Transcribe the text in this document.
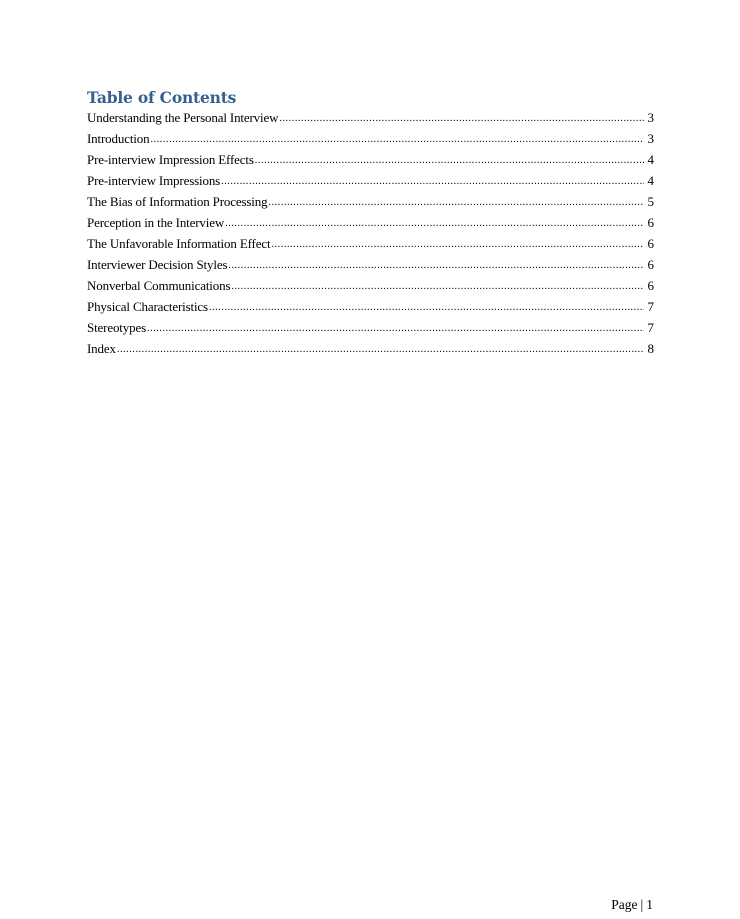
Table of Contents
Understanding the Personal Interview .....	3
Introduction .....	3
Pre-interview Impression Effects .....	4
Pre-interview Impressions .....	4
The Bias of Information Processing .....	5
Perception in the Interview .....	6
The Unfavorable Information Effect .....	6
Interviewer Decision Styles .....	6
Nonverbal Communications .....	6
Physical Characteristics .....	7
Stereotypes .....	7
Index .....	8
Page | 1
